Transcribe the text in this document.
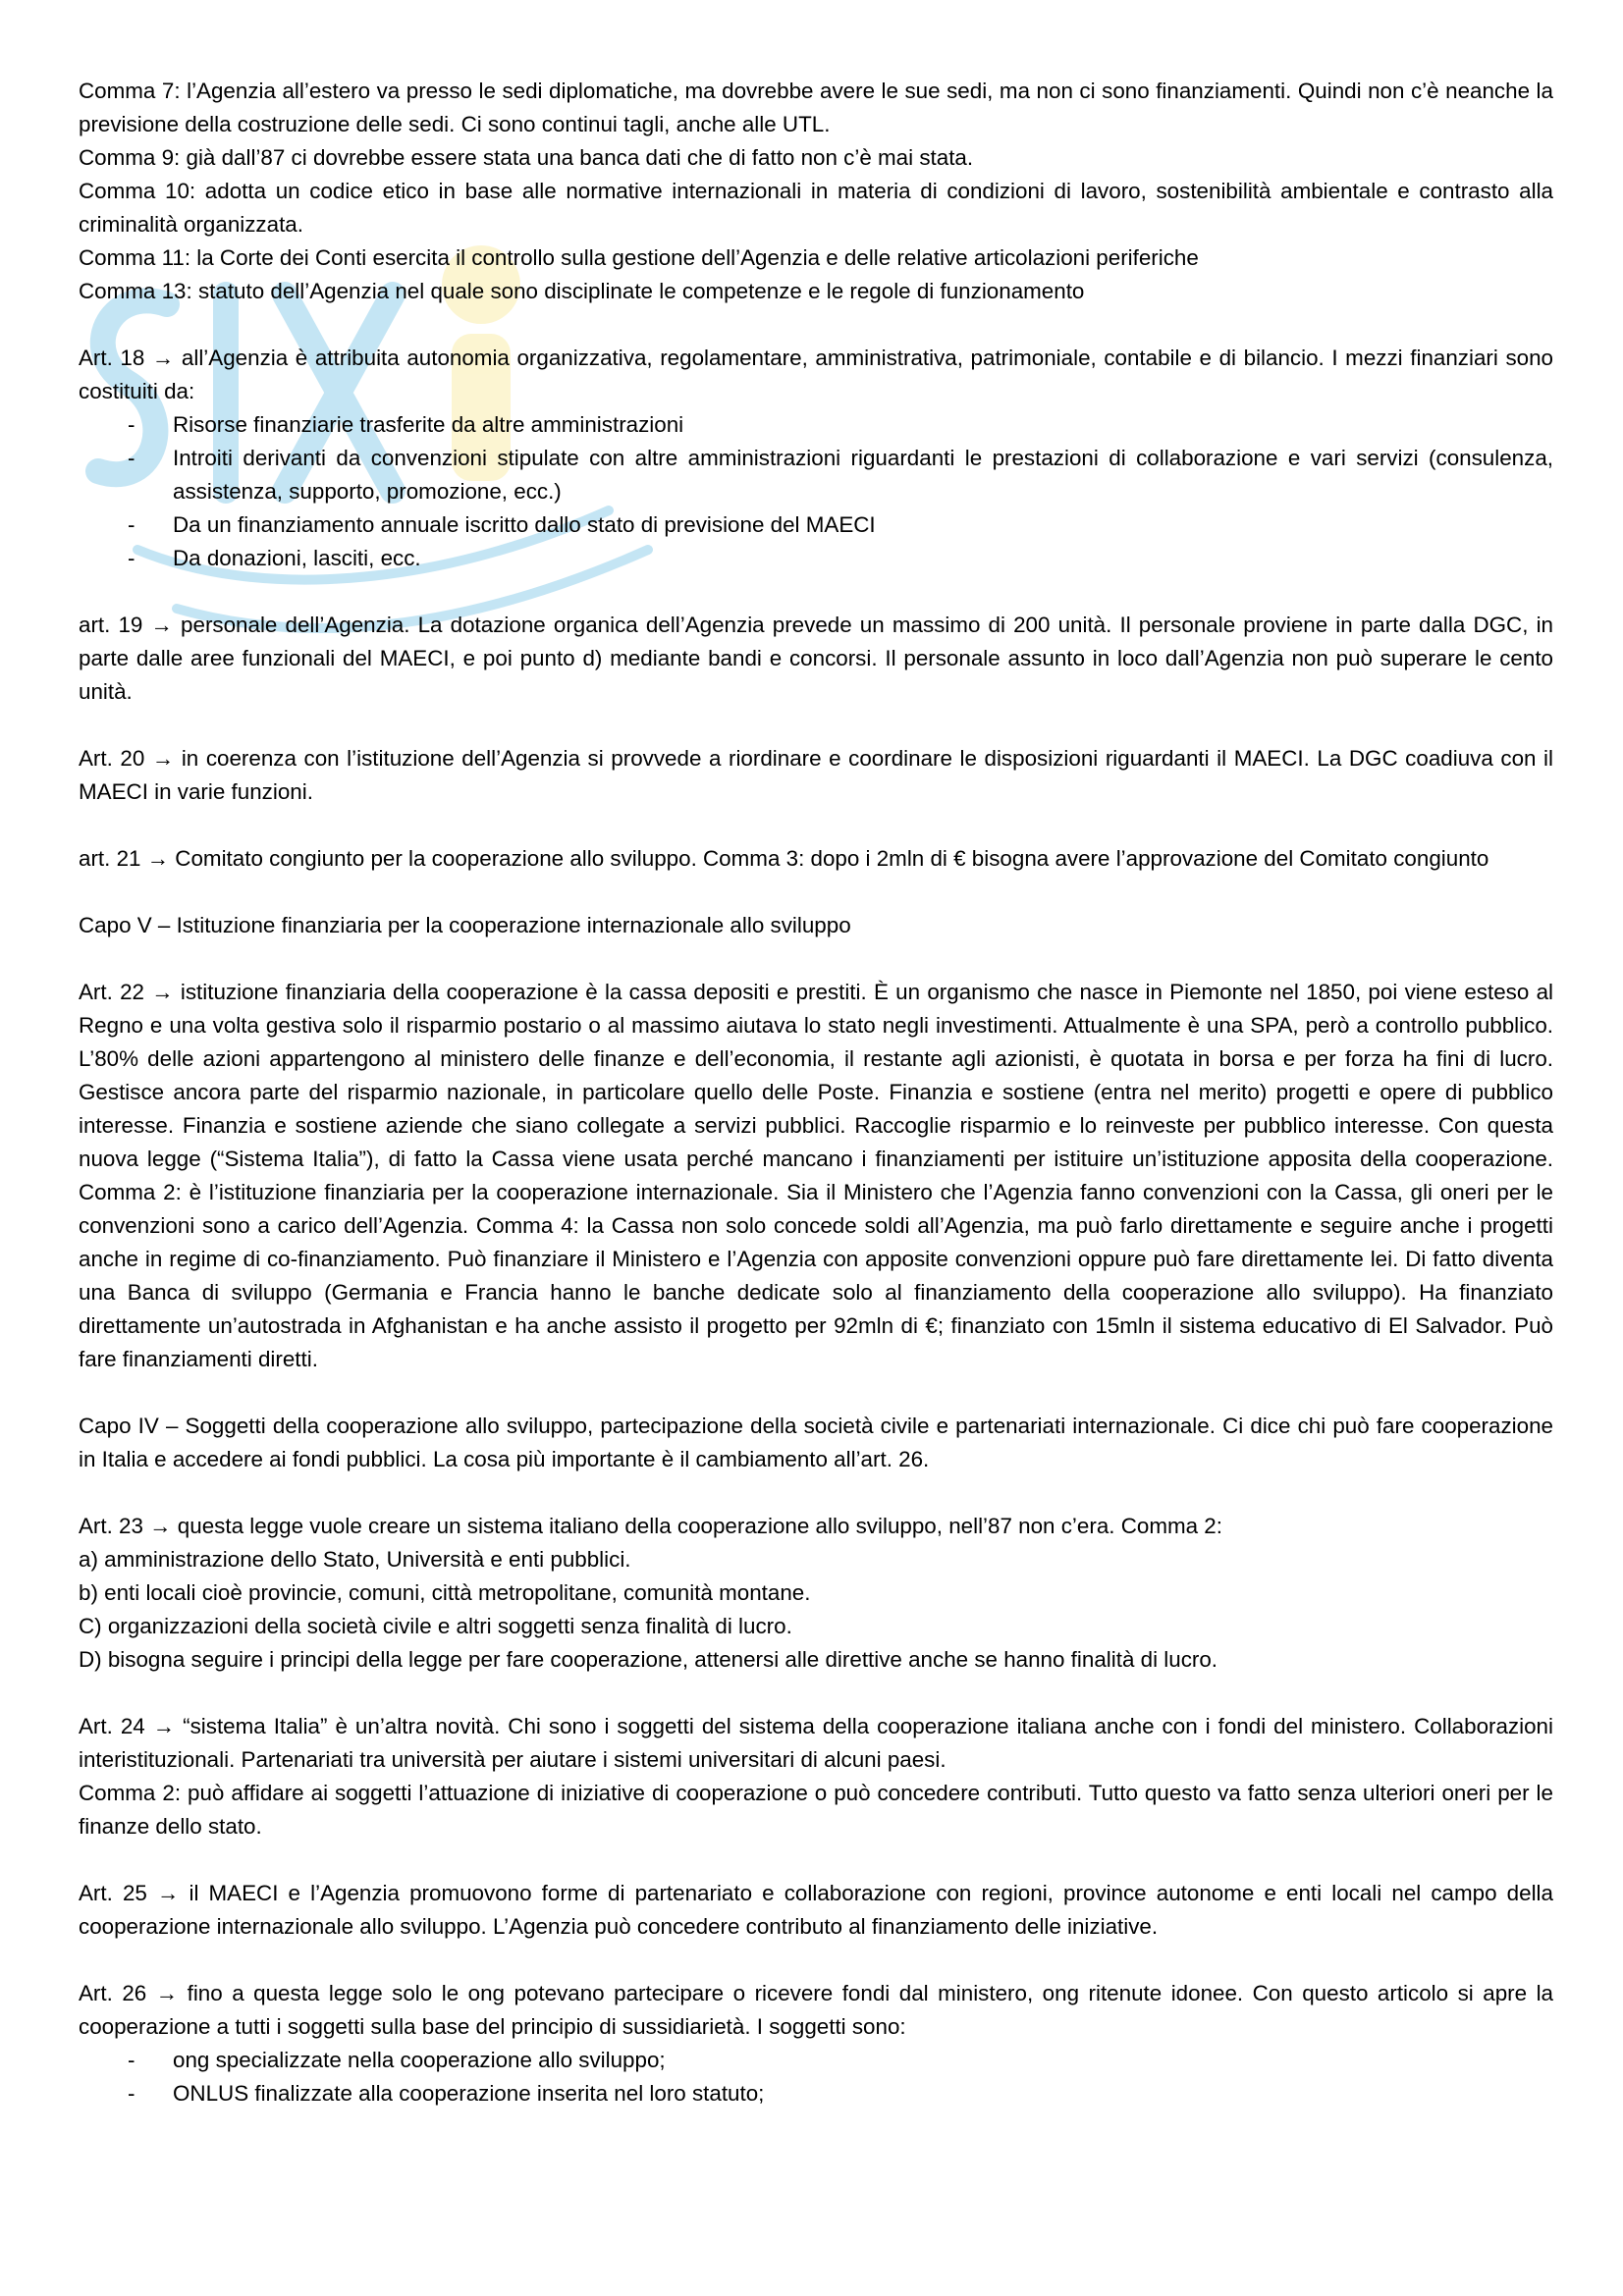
Comma 7: l’Agenzia all’estero va presso le sedi diplomatiche, ma dovrebbe avere le sue sedi, ma non ci sono finanziamenti. Quindi non c’è neanche la previsione della costruzione delle sedi. Ci sono continui tagli, anche alle UTL.

Comma 9: già dall’87 ci dovrebbe essere stata una banca dati che di fatto non c’è mai stata.

Comma 10: adotta un codice etico in base alle normative internazionali in materia di condizioni di lavoro, sostenibilità ambientale e contrasto alla criminalità organizzata.

Comma 11: la Corte dei Conti esercita il controllo sulla gestione dell’Agenzia e delle relative articolazioni periferiche

Comma 13: statuto dell’Agenzia nel quale sono disciplinate le competenze e le regole di funzionamento

Art. 18 → all’Agenzia è attribuita autonomia organizzativa, regolamentare, amministrativa, patrimoniale, contabile e di bilancio. I mezzi finanziari sono costituiti da:

- Risorse finanziarie trasferite da altre amministrazioni
- Introiti derivanti da convenzioni stipulate con altre amministrazioni riguardanti le prestazioni di collaborazione e vari servizi (consulenza, assistenza, supporto, promozione, ecc.)
- Da un finanziamento annuale iscritto dallo stato di previsione del MAECI
- Da donazioni, lasciti, ecc.

art. 19 → personale dell’Agenzia. La dotazione organica dell’Agenzia prevede un massimo di 200 unità. Il personale proviene in parte dalla DGC, in parte dalle aree funzionali del MAECI, e poi punto d) mediante bandi e concorsi. Il personale assunto in loco dall’Agenzia non può superare le cento unità.

Art. 20 → in coerenza con l’istituzione dell’Agenzia si provvede a riordinare e coordinare le disposizioni riguardanti il MAECI. La DGC coadiuva con il MAECI in varie funzioni.

art. 21 → Comitato congiunto per la cooperazione allo sviluppo. Comma 3: dopo i 2mln di € bisogna avere l’approvazione del Comitato congiunto

Capo V – Istituzione finanziaria per la cooperazione internazionale allo sviluppo

Art. 22 → istituzione finanziaria della cooperazione è la cassa depositi e prestiti. È un organismo che nasce in Piemonte nel 1850, poi viene esteso al Regno e una volta gestiva solo il risparmio postario o al massimo aiutava lo stato negli investimenti. Attualmente è una SPA, però a controllo pubblico. L’80% delle azioni appartengono al ministero delle finanze e dell’economia, il restante agli azionisti, è quotata in borsa e per forza ha fini di lucro. Gestisce ancora parte del risparmio nazionale, in particolare quello delle Poste. Finanzia e sostiene (entra nel merito) progetti e opere di pubblico interesse. Finanzia e sostiene aziende che siano collegate a servizi pubblici. Raccoglie risparmio e lo reinveste per pubblico interesse. Con questa nuova legge (“Sistema Italia”), di fatto la Cassa viene usata perché mancano i finanziamenti per istituire un’istituzione apposita della cooperazione. Comma 2: è l’istituzione finanziaria per la cooperazione internazionale. Sia il Ministero che l’Agenzia fanno convenzioni con la Cassa, gli oneri per le convenzioni sono a carico dell’Agenzia. Comma 4: la Cassa non solo concede soldi all’Agenzia, ma può farlo direttamente e seguire anche i progetti anche in regime di co-finanziamento. Può finanziare il Ministero e l’Agenzia con apposite convenzioni oppure può fare direttamente lei. Di fatto diventa una Banca di sviluppo (Germania e Francia hanno le banche dedicate solo al finanziamento della cooperazione allo sviluppo). Ha finanziato direttamente un’autostrada in Afghanistan e ha anche assisto il progetto per 92mln di €; finanziato con 15mln il sistema educativo di El Salvador. Può fare finanziamenti diretti.

Capo IV – Soggetti della cooperazione allo sviluppo, partecipazione della società civile e partenariati internazionale. Ci dice chi può fare cooperazione in Italia e accedere ai fondi pubblici. La cosa più importante è il cambiamento all’art. 26.

Art. 23 → questa legge vuole creare un sistema italiano della cooperazione allo sviluppo, nell’87 non c’era. Comma 2:

a) amministrazione dello Stato, Università e enti pubblici.

b) enti locali cioè provincie, comuni, città metropolitane, comunità montane.

C) organizzazioni della società civile e altri soggetti senza finalità di lucro.

D) bisogna seguire i principi della legge per fare cooperazione, attenersi alle direttive anche se hanno finalità di lucro.

Art. 24 → “sistema Italia” è un’altra novità. Chi sono i soggetti del sistema della cooperazione italiana anche con i fondi del ministero. Collaborazioni interistituzionali. Partenariati tra università per aiutare i sistemi universitari di alcuni paesi.

Comma 2: può affidare ai soggetti l’attuazione di iniziative di cooperazione o può concedere contributi. Tutto questo va fatto senza ulteriori oneri per le finanze dello stato.

Art. 25 → il MAECI e l’Agenzia promuovono forme di partenariato e collaborazione con regioni, province autonome e enti locali nel campo della cooperazione internazionale allo sviluppo. L’Agenzia può concedere contributo al finanziamento delle iniziative.

Art. 26 → fino a questa legge solo le ong potevano partecipare o ricevere fondi dal ministero, ong ritenute idonee. Con questo articolo si apre la cooperazione a tutti i soggetti sulla base del principio di sussidiarietà. I soggetti sono:

- ong specializzate nella cooperazione allo sviluppo;
- ONLUS finalizzate alla cooperazione inserita nel loro statuto;
